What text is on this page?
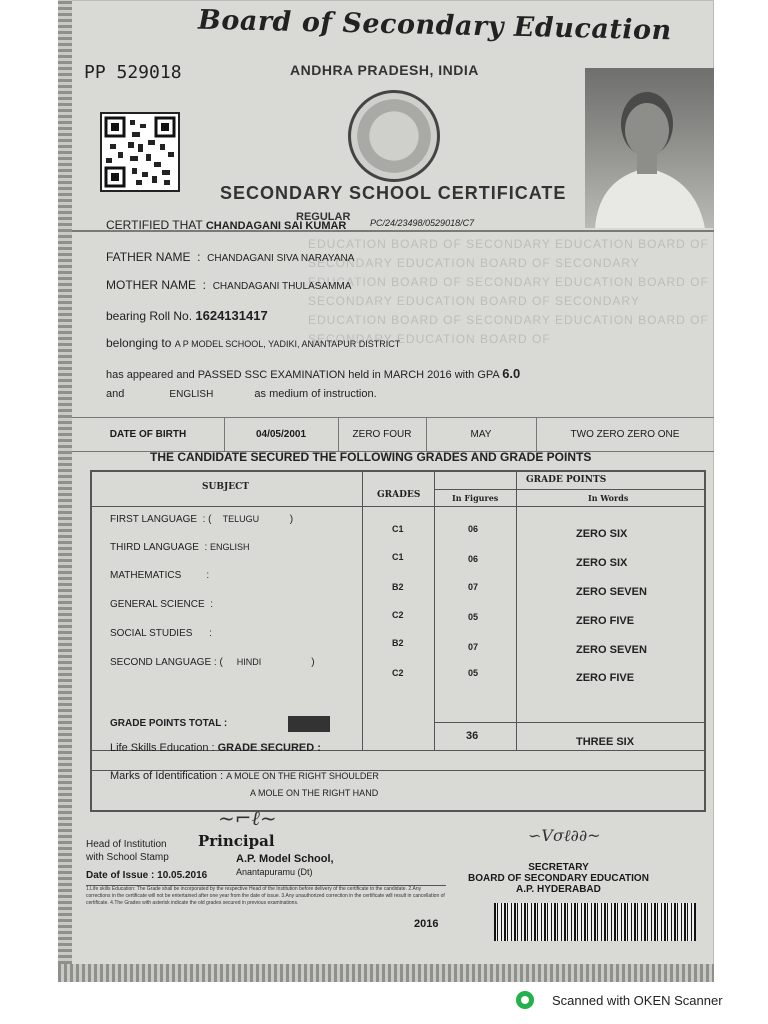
Board of Secondary Education
ANDHRA PRADESH, INDIA
PP 529018
SECONDARY SCHOOL CERTIFICATE
REGULAR PC/24/23498/0529018/C7
EDUCATION BOARD OF SECONDARY EDUCATION BOARD OF SECONDARY EDUCATION BOARD OF SECONDARY EDUCATION BOARD OF SECONDARY EDUCATION BOARD OF SECONDARY EDUCATION BOARD OF SECONDARY EDUCATION BOARD OF SECONDARY EDUCATION BOARD OF SECONDARY EDUCATION BOARD OF
CERTIFIED THAT CHANDAGANI SAI KUMAR
FATHER NAME  :  CHANDAGANI SIVA NARAYANA
MOTHER NAME  :  CHANDAGANI THULASAMMA
bearing Roll No. 1624131417
belonging to A P MODEL SCHOOL, YADIKI, ANANTAPUR DISTRICT
has appeared and PASSED SSC EXAMINATION held in MARCH 2016 with GPA 6.0
and	ENGLISH	as medium of instruction.
DATE OF BIRTH	04/05/2001	ZERO FOUR	MAY	TWO ZERO ZERO ONE
THE CANDIDATE SECURED THE FOLLOWING GRADES AND GRADE POINTS
SUBJECT
GRADES
GRADE POINTS
In Figures	In Words
FIRST LANGUAGE : ( TELUGU	)
C1	06	ZERO SIX
THIRD LANGUAGE : ENGLISH
C1	06	ZERO SIX
MATHEMATICS	:
B2	07	ZERO SEVEN
GENERAL SCIENCE :
C2	05	ZERO FIVE
SOCIAL STUDIES :
B2	07	ZERO SEVEN
SECOND LANGUAGE : ( HINDI	)
C2	05	ZERO FIVE
GRADE POINTS TOTAL :
36	THREE SIX
Life Skills Education : GRADE SECURED :
Marks of Identification : A MOLE ON THE RIGHT SHOULDER
A MOLE ON THE RIGHT HAND
Head of Institution
with School Stamp
~⌐ℓ~
Principal
A.P. Model School,
Anantapuramu (Dt)
Date of Issue : 10.05.2016
∽Vσℓ∂∂~
SECRETARY
BOARD OF SECONDARY EDUCATION
A.P. HYDERABAD
1.Life skills Education: The Grade shall be incorporated by the respective Head of the Institution before delivery of the certificate to the candidate. 2.Any corrections in the certificate will not be entertained after one year from the date of issue. 3.Any unauthorized correction in the certificate will result in cancellation of certificate. 4.The Grades with asterisk indicate the old grades secured in previous examinations.
2016
Scanned with OKEN Scanner
